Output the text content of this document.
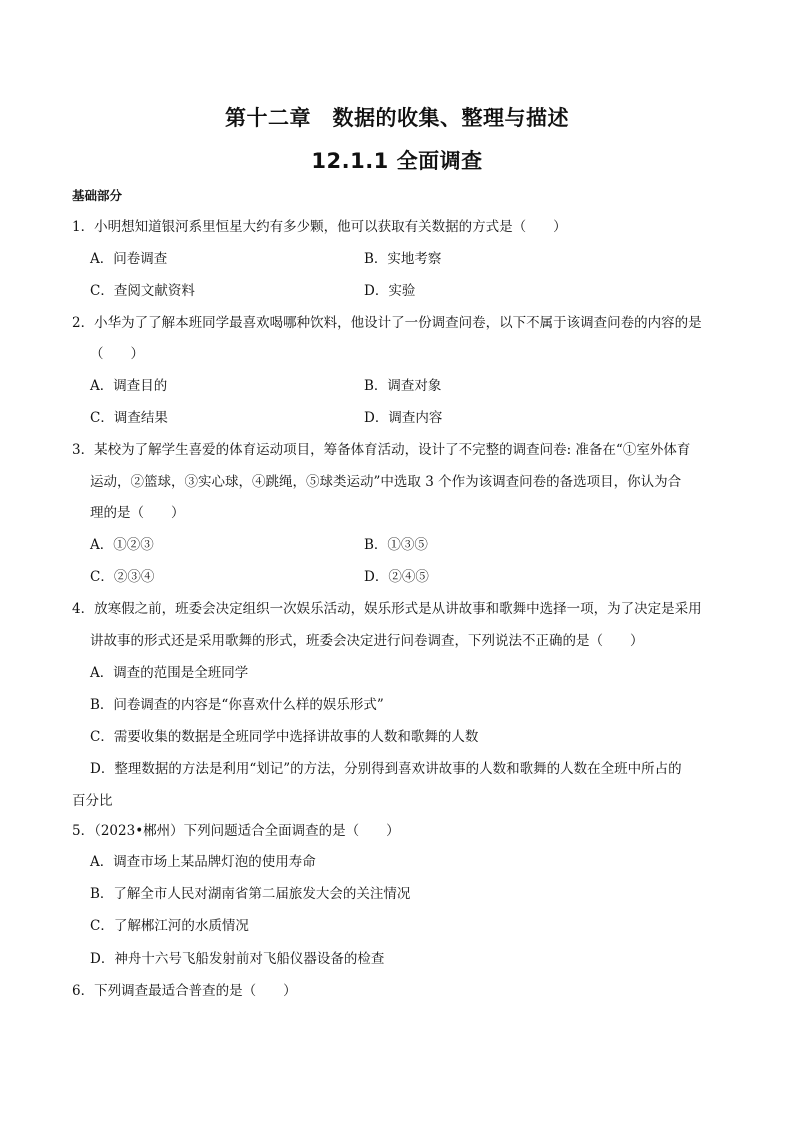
第十二章　数据的收集、整理与描述
12.1.1 全面调查
基础部分
1．小明想知道银河系里恒星大约有多少颗，他可以获取有关数据的方式是（　　）
A．问卷调查	B．实地考察
C．查阅文献资料	D．实验
2．小华为了了解本班同学最喜欢喝哪种饮料，他设计了一份调查问卷，以下不属于该调查问卷的内容的是
（　　）
A．调查目的	B．调查对象
C．调查结果	D．调查内容
3．某校为了解学生喜爱的体育运动项目，筹备体育活动，设计了不完整的调查问卷: 准备在“①室外体育
运动，②篮球，③实心球，④跳绳，⑤球类运动”中选取 3 个作为该调查问卷的备选项目，你认为合
理的是（　　）
A．①②③	B．①③⑤
C．②③④	D．②④⑤
4．放寒假之前，班委会决定组织一次娱乐活动，娱乐形式是从讲故事和歌舞中选择一项，为了决定是采用
讲故事的形式还是采用歌舞的形式，班委会决定进行问卷调查，下列说法不正确的是（　　）
A．调查的范围是全班同学
B．问卷调查的内容是“你喜欢什么样的娱乐形式”
C．需要收集的数据是全班同学中选择讲故事的人数和歌舞的人数
D．整理数据的方法是利用“划记”的方法，分别得到喜欢讲故事的人数和歌舞的人数在全班中所占的
百分比
5．（2023•郴州）下列问题适合全面调查的是（　　）
A．调查市场上某品牌灯泡的使用寿命
B．了解全市人民对湖南省第二届旅发大会的关注情况
C．了解郴江河的水质情况
D．神舟十六号飞船发射前对飞船仪器设备的检查
6．下列调查最适合普查的是（　　）
